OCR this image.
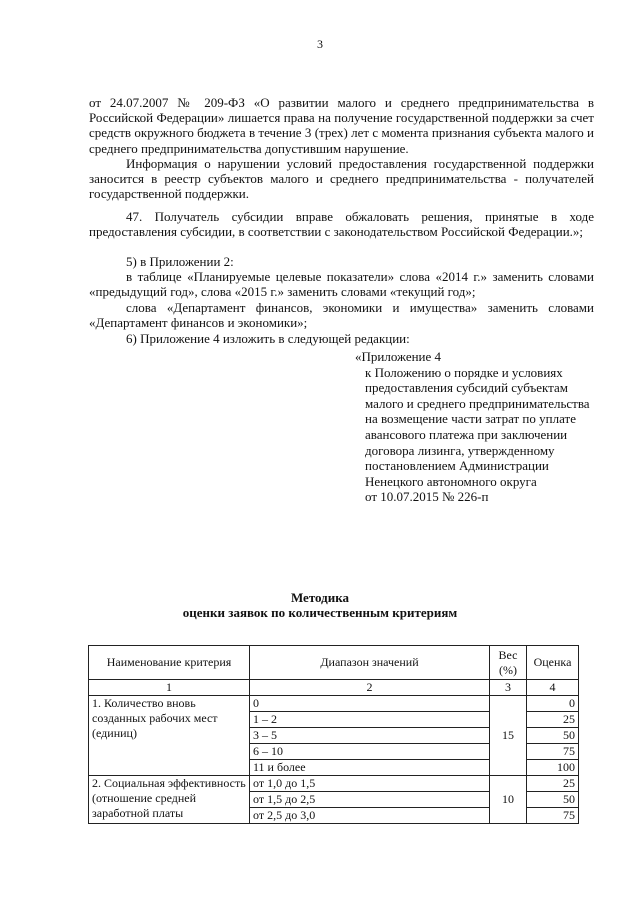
3
от 24.07.2007 № 209-ФЗ «О развитии малого и среднего предпринимательства в Российской Федерации» лишается права на получение государственной поддержки за счет средств окружного бюджета в течение 3 (трех) лет с момента признания субъекта малого и среднего предпринимательства допустившим нарушение.
Информация о нарушении условий предоставления государственной поддержки заносится в реестр субъектов малого и среднего предпринимательства - получателей государственной поддержки.
47. Получатель субсидии вправе обжаловать решения, принятые в ходе предоставления субсидии, в соответствии с законодательством Российской Федерации.»;
5) в Приложении 2:
в таблице «Планируемые целевые показатели» слова «2014 г.» заменить словами «предыдущий год», слова «2015 г.» заменить словами «текущий год»;
слова «Департамент финансов, экономики и имущества» заменить словами «Департамент финансов и экономики»;
6) Приложение 4 изложить в следующей редакции:
«Приложение 4
к Положению о порядке и условиях предоставления субсидий субъектам малого и среднего предпринимательства на возмещение части затрат по уплате авансового платежа при заключении договора лизинга, утвержденному постановлением Администрации Ненецкого автономного округа
от 10.07.2015 № 226-п
Методика
оценки заявок по количественным критериям
Наименование критерия	Диапазон значений	Вес (%)	Оценка
1	2	3	4
1. Количество вновь созданных рабочих мест (единиц)	0	15	0
	1 – 2		25
	3 – 5		50
	6 – 10		75
	11 и более		100
2. Социальная эффективность (отношение средней заработной платы	от 1,0 до 1,5	10	25
	от 1,5 до 2,5		50
	от 2,5 до 3,0		75
